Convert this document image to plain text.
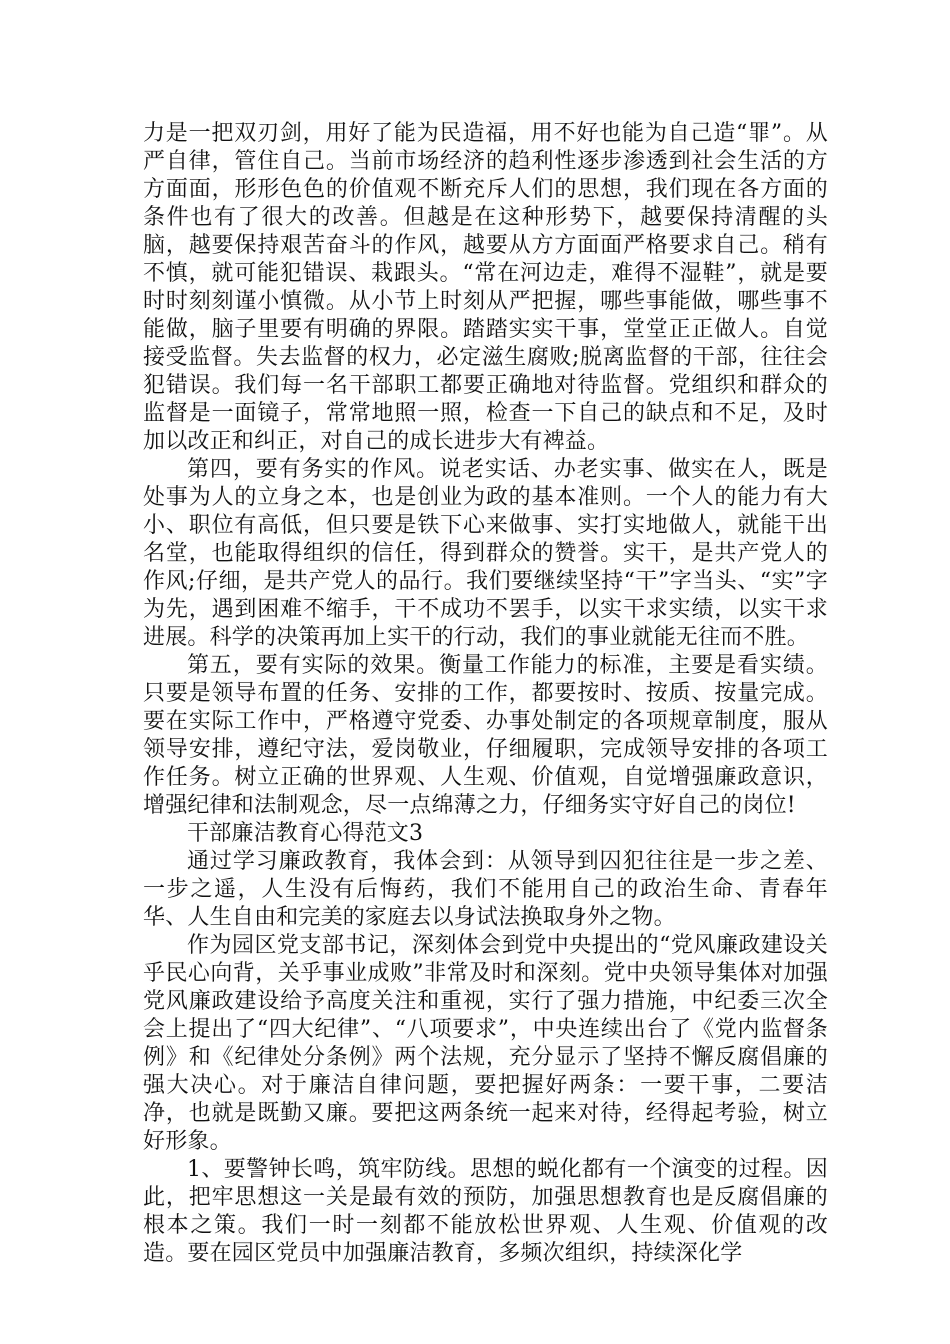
力是一把双刃剑，用好了能为民造福，用不好也能为自己造“罪”。从严自律，管住自己。当前市场经济的趋利性逐步渗透到社会生活的方方面面，形形色色的价值观不断充斥人们的思想，我们现在各方面的条件也有了很大的改善。但越是在这种形势下，越要保持清醒的头脑，越要保持艰苦奋斗的作风，越要从方方面面严格要求自己。稍有不慎，就可能犯错误、栽跟头。“常在河边走，难得不湿鞋”，就是要时时刻刻谨小慎微。从小节上时刻从严把握，哪些事能做，哪些事不能做，脑子里要有明确的界限。踏踏实实干事，堂堂正正做人。自觉接受监督。失去监督的权力，必定滋生腐败;脱离监督的干部，往往会犯错误。我们每一名干部职工都要正确地对待监督。党组织和群众的监督是一面镜子，常常地照一照，检查一下自己的缺点和不足，及时加以改正和纠正，对自己的成长进步大有裨益。

第四，要有务实的作风。说老实话、办老实事、做实在人，既是处事为人的立身之本，也是创业为政的基本准则。一个人的能力有大小、职位有高低，但只要是铁下心来做事、实打实地做人，就能干出名堂，也能取得组织的信任，得到群众的赞誉。实干，是共产党人的作风;仔细，是共产党人的品行。我们要继续坚持“干”字当头、“实”字为先，遇到困难不缩手，干不成功不罢手，以实干求实绩，以实干求进展。科学的决策再加上实干的行动，我们的事业就能无往而不胜。

第五，要有实际的效果。衡量工作能力的标准，主要是看实绩。只要是领导布置的任务、安排的工作，都要按时、按质、按量完成。要在实际工作中，严格遵守党委、办事处制定的各项规章制度，服从领导安排，遵纪守法，爱岗敬业，仔细履职，完成领导安排的各项工作任务。树立正确的世界观、人生观、价值观，自觉增强廉政意识，增强纪律和法制观念，尽一点绵薄之力，仔细务实守好自己的岗位!

干部廉洁教育心得范文3

通过学习廉政教育，我体会到：从领导到囚犯往往是一步之差、一步之遥，人生没有后悔药，我们不能用自己的政治生命、青春年华、人生自由和完美的家庭去以身试法换取身外之物。

作为园区党支部书记，深刻体会到党中央提出的“党风廉政建设关乎民心向背，关乎事业成败”非常及时和深刻。党中央领导集体对加强党风廉政建设给予高度关注和重视，实行了强力措施，中纪委三次全会上提出了“四大纪律”、“八项要求”，中央连续出台了《党内监督条例》和《纪律处分条例》两个法规，充分显示了坚持不懈反腐倡廉的强大决心。对于廉洁自律问题，要把握好两条：一要干事，二要洁净，也就是既勤又廉。要把这两条统一起来对待，经得起考验，树立好形象。

1、要警钟长鸣，筑牢防线。思想的蜕化都有一个演变的过程。因此，把牢思想这一关是最有效的预防，加强思想教育也是反腐倡廉的根本之策。我们一时一刻都不能放松世界观、人生观、价值观的改造。要在园区党员中加强廉洁教育，多频次组织，持续深化学
